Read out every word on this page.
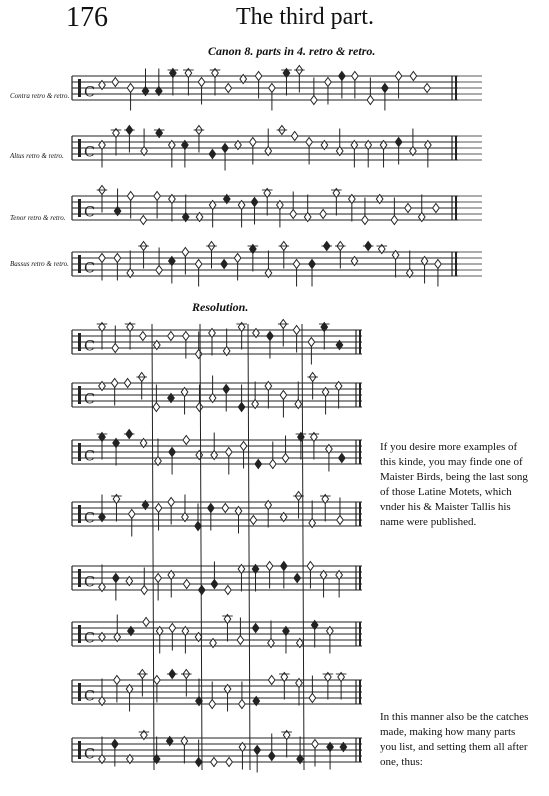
176	The third part.
Canon 8. parts in 4. retro & retro.
Contra retro & retro.
Altus retro & retro.
Tenor retro & retro.
Bassus retro & retro.
Resolution.
If you desire more examples of this kinde, you may finde one of Maister Birds, being the last song of those Latine Motets, which vnder his & Maister Tallis his name were published.
In this manner also be the catches made, making how many parts you list, and setting them all after one, thus:
C
C
C
C
C
C
C
C
C
C
C
C
